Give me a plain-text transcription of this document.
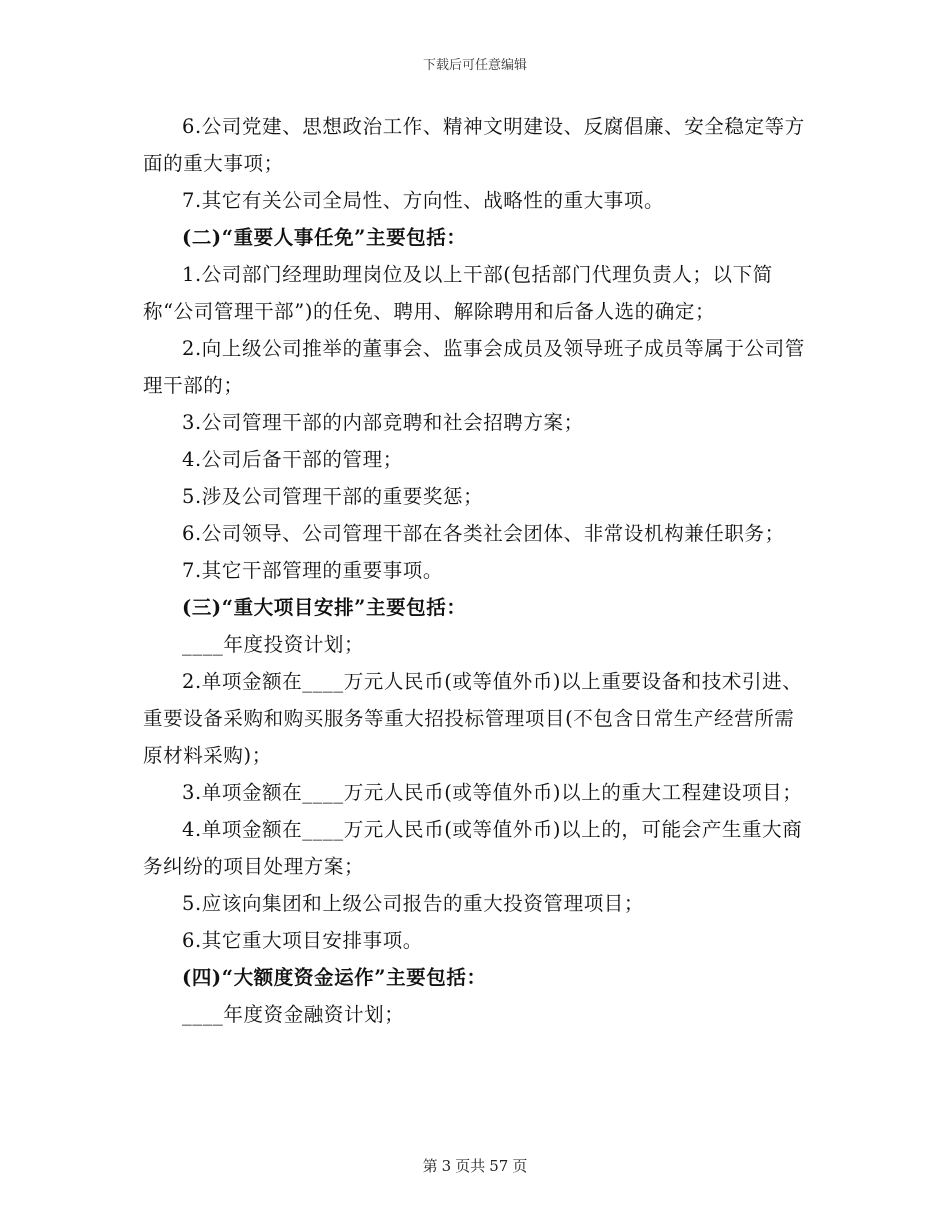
下载后可任意编辑

6.公司党建、思想政治工作、精神文明建设、反腐倡廉、安全稳定等方面的重大事项；

7.其它有关公司全局性、方向性、战略性的重大事项。

(二)“重要人事任免”主要包括：

1.公司部门经理助理岗位及以上干部(包括部门代理负责人；以下简称“公司管理干部”)的任免、聘用、解除聘用和后备人选的确定；

2.向上级公司推举的董事会、监事会成员及领导班子成员等属于公司管理干部的；

3.公司管理干部的内部竞聘和社会招聘方案；

4.公司后备干部的管理；

5.涉及公司管理干部的重要奖惩；

6.公司领导、公司管理干部在各类社会团体、非常设机构兼任职务；

7.其它干部管理的重要事项。

(三)“重大项目安排”主要包括：

____年度投资计划；

2.单项金额在____万元人民币(或等值外币)以上重要设备和技术引进、重要设备采购和购买服务等重大招投标管理项目(不包含日常生产经营所需原材料采购)；

3.单项金额在____万元人民币(或等值外币)以上的重大工程建设项目；

4.单项金额在____万元人民币(或等值外币)以上的，可能会产生重大商务纠纷的项目处理方案；

5.应该向集团和上级公司报告的重大投资管理项目；

6.其它重大项目安排事项。

(四)“大额度资金运作”主要包括：

____年度资金融资计划；

第 3 页共 57 页
